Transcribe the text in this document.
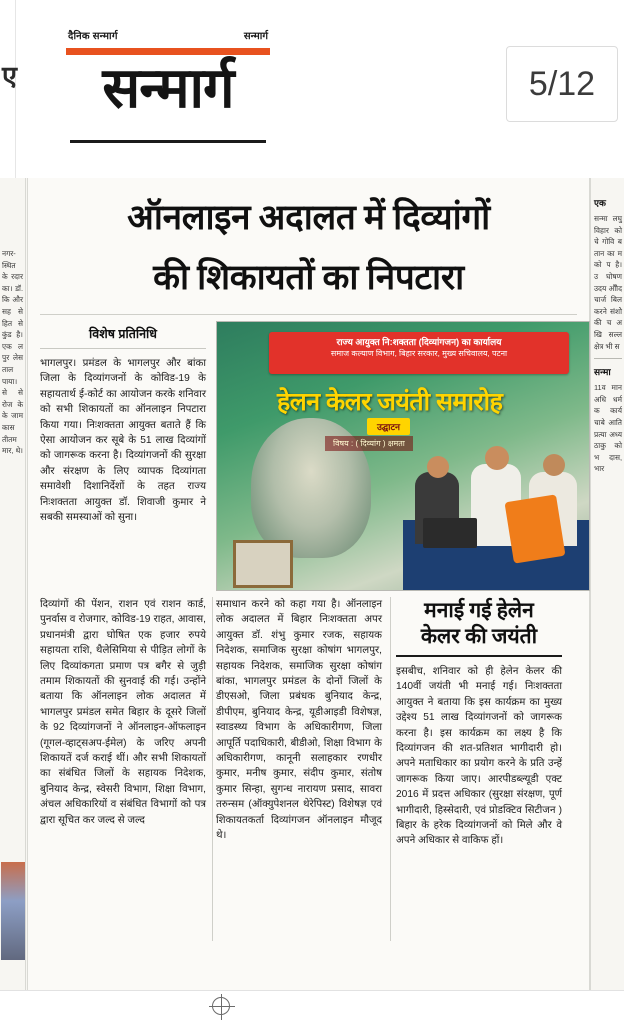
ए
दैनिक सन्मार्ग	सन्मार्ग
सन्मार्ग	5/12
नगर-स्थित के रदार का। डॉ. कि और सह से हित से कुंड है। एक लपुर लेस ताल पाया। से से रोज के के जाम कास तीतम मार, थे।
एक
सन्मा लघु विहार को चे गोवि बतान का म को प है। उ घोषण उदय औौद चार्ज बिल करने संशोे की च अखि सल्ल क्षेत्र भी स
सन्मा
11व मान अधि धर्मक कार्य चाबे आति प्रत्या अध्य ठाकु को भ दास, भार
ऑनलाइन अदालत में दिव्यांगों
की शिकायतों का निपटारा
विशेष प्रतिनिधि
भागलपुर। प्रमंडल के भागलपुर और बांका जिला के दिव्यांगजनों के कोविड-19 के सहायतार्थ ई-कोर्ट का आयोजन करके शनिवार को सभी शिकायतों का ऑनलाइन निपटारा किया गया। निःशक्तता आयुक्त बताते हैं कि ऐसा आयोजन कर सूबे के 51 लाख दिव्यांगों को जागरूक करना है। दिव्यांगजनों की सुरक्षा और संरक्षण के लिए व्यापक दिव्यांगता समावेशी दिशानिर्देशों के तहत राज्य निःशक्तता आयुक्त डॉ. शिवाजी कुमार ने सबकी समस्याओं को सुना।
राज्य आयुक्त नि:शक्तता (दिव्यांगजन) का कार्यालय
समाज कल्याण विभाग, बिहार सरकार, मुख्य सचिवालय, पटना
हेलन केलर जयंती समारोह
उद्घाटन
विषय : ( दिव्यांग ) क्षमता
दिव्यांगों की पेंशन, राशन एवं राशन कार्ड, पुनर्वास व रोजगार, कोविड-19 राहत, आवास, प्रधानमंत्री द्वारा घोषित एक हजार रुपये सहायता राशि, थैलेसिमिया से पीड़ित लोगों के लिए दिव्यांकगता प्रमाण पत्र बगैर से जुड़ी तमाम शिकायतों की सुनवाई की गई। उन्होंने बताया कि ऑनलाइन लोक अदालत में भागलपुर प्रमंडल समेत बिहार के दूसरे जिलों के 92 दिव्यांगजनों ने ऑनलाइन-ऑफलाइन (गूगल-व्हाट्सअप-ईमेल) के जरिए अपनी शिकायतें दर्ज कराई थीं। और सभी शिकायतों का संबंधित जिलों के सहायक निदेशक, बुनियाद केन्द्र, स्वेसरी विभाग, शिक्षा विभाग, अंचल अधिकारियों व संबंधित विभागों को पत्र द्वारा सूचित कर जल्द से जल्द
समाधान करने को कहा गया है। ऑनलाइन लोक अदालत में बिहार निःशक्तता अपर आयुक्त डॉ. शंभु कुमार रजक, सहायक निदेशक, समाजिक सुरक्षा कोषांग भागलपुर, सहायक निदेशक, समाजिक सुरक्षा कोषांग बांका, भागलपुर प्रमंडल के दोनों जिलों के डीएसओ, जिला प्रबंधक बुनियाद केन्द्र, डीपीएम, बुनियाद केन्द्र, यूडीआइडी विशेषज्ञ, स्वाडस्थ्य विभाग के अधिकारीगण, जिला आपूर्ति पदाधिकारी, बीडीओ, शिक्षा विभाग के अधिकारीगण, कानूनी सलाहकार रणधीर कुमार, मनीष कुमार, संदीप कुमार, संतोष कुमार सिन्हा, सुगन्ध नारायण प्रसाद, सावरा तरुन्सम (ऑक्युपेशनल थेरेपिस्ट) विशेषज्ञ एवं शिकायतकर्ता दिव्यांगजन ऑनलाइन मौजूद थे।
मनाई गई हेलेन
केलर की जयंती
इसबीच, शनिवार को ही हेलेन केलर की 140वीं जयंती भी मनाई गई। निःशक्तता आयुक्त ने बताया कि इस कार्यक्रम का मुख्य उद्देश्य 51 लाख दिव्यांगजनों को जागरूक करना है। इस कार्यक्रम का लक्ष्य है कि दिव्यांगजन की शत-प्रतिशत भागीदारी हो। अपने मताधिकार का प्रयोग करने के प्रति उन्हें जागरूक किया जाए। आरपीडब्ल्यूडी एक्ट 2016 में प्रदत्त अधिकार (सुरक्षा संरक्षण, पूर्ण भागीदारी, हिस्सेदारी, एवं प्रोडक्टिव सिटीजन ) बिहार के हरेक दिव्यांगजनों को मिले और वे अपने अधिकार से वाकिफ हों।
